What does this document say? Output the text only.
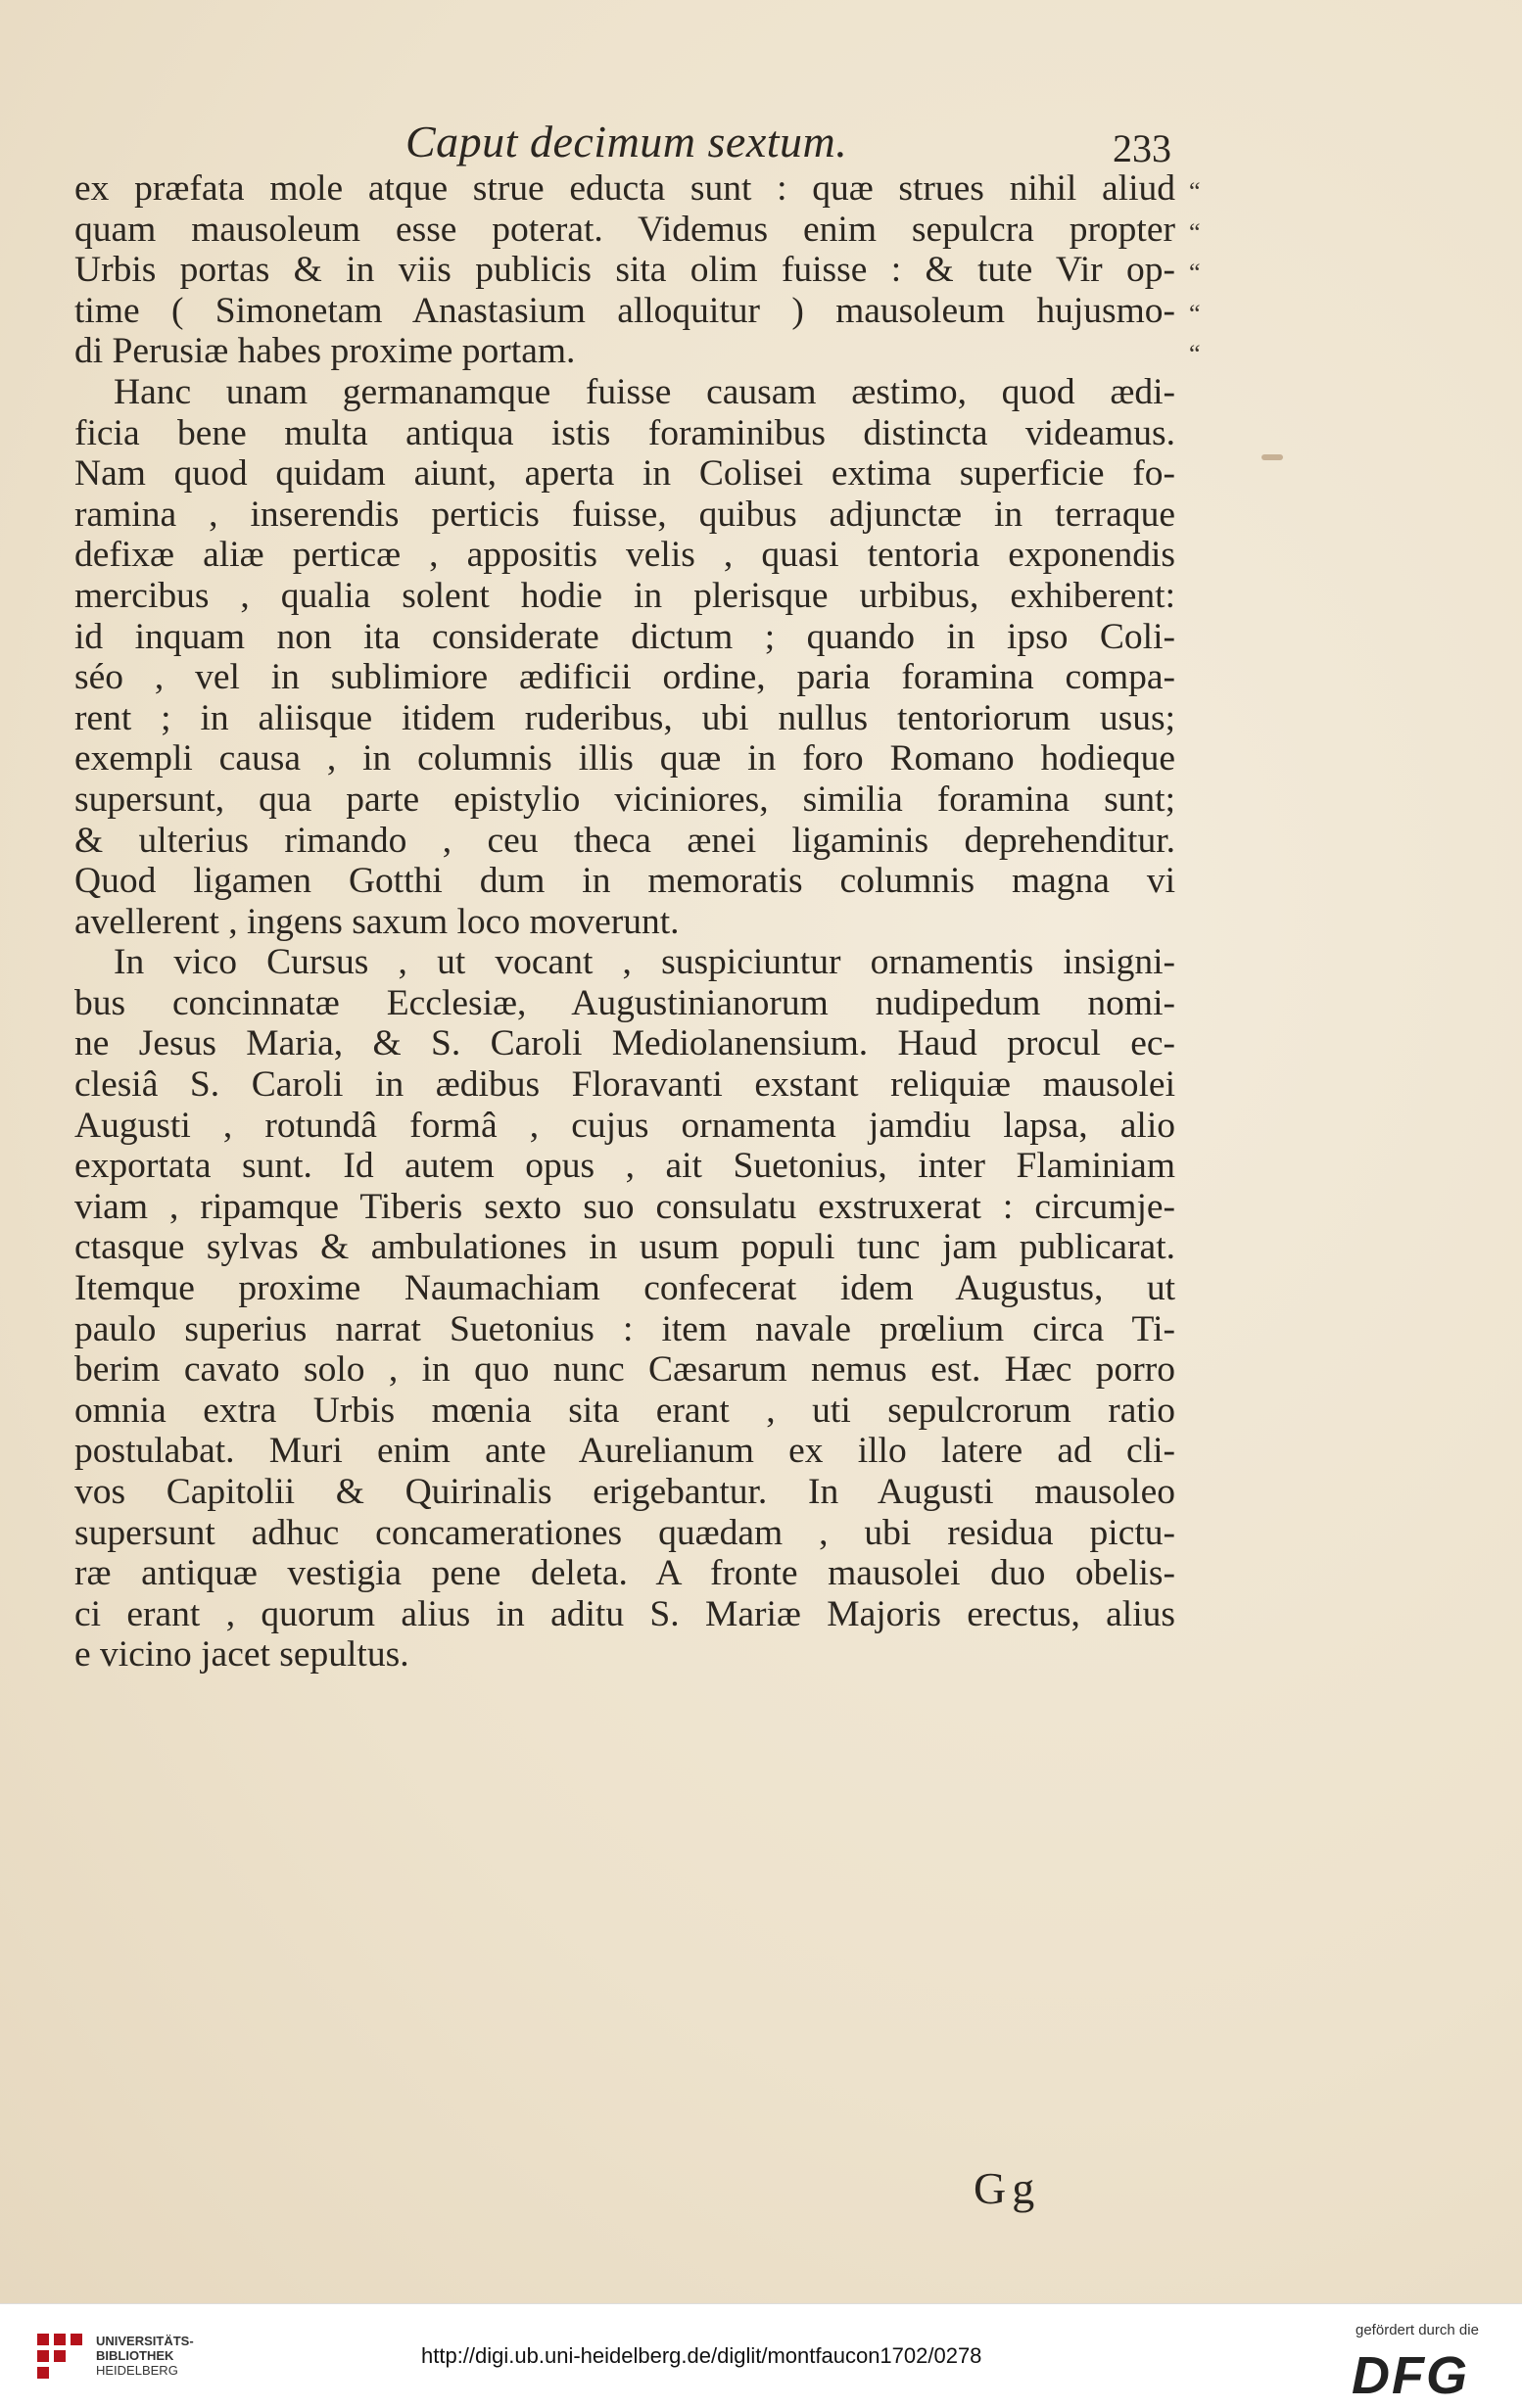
Caput decimum sextum.	233
ex præfata mole atque strue educta sunt : quæ strues nihil aliud
quam mausoleum esse poterat. Videmus enim sepulcra propter
Urbis portas & in viis publicis sita olim fuisse : & tute Vir op-
time ( Simonetam Anastasium alloquitur ) mausoleum hujusmo-
di Perusiæ habes proxime portam.
Hanc unam germanamque fuisse causam æstimo, quod ædi-
ficia bene multa antiqua istis foraminibus distincta videamus.
Nam quod quidam aiunt, aperta in Colisei extima superficie fo-
ramina , inserendis perticis fuisse, quibus adjunctæ in terraque
defixæ aliæ perticæ , appositis velis , quasi tentoria exponendis
mercibus , qualia solent hodie in plerisque urbibus, exhiberent:
id inquam non ita considerate dictum ; quando in ipso Coli-
séo , vel in sublimiore ædificii ordine, paria foramina compa-
rent ; in aliisque itidem ruderibus, ubi nullus tentoriorum usus;
exempli causa , in columnis illis quæ in foro Romano hodieque
supersunt, qua parte epistylio viciniores, similia foramina sunt;
& ulterius rimando , ceu theca ænei ligaminis deprehenditur.
Quod ligamen Gotthi dum in memoratis columnis magna vi
avellerent , ingens saxum loco moverunt.
In vico Cursus , ut vocant , suspiciuntur ornamentis insigni-
bus concinnatæ Ecclesiæ, Augustinianorum nudipedum nomi-
ne Jesus Maria, & S. Caroli Mediolanensium. Haud procul ec-
clesiâ S. Caroli in ædibus Floravanti exstant reliquiæ mausolei
Augusti , rotundâ formâ , cujus ornamenta jamdiu lapsa, alio
exportata sunt. Id autem opus , ait Suetonius, inter Flaminiam
viam , ripamque Tiberis sexto suo consulatu exstruxerat : circumje-
ctasque sylvas & ambulationes in usum populi tunc jam publicarat.
Itemque proxime Naumachiam confecerat idem Augustus, ut
paulo superius narrat Suetonius : item navale prœlium circa Ti-
berim cavato solo , in quo nunc Cæsarum nemus est. Hæc porro
omnia extra Urbis mœnia sita erant , uti sepulcrorum ratio
postulabat. Muri enim ante Aurelianum ex illo latere ad cli-
vos Capitolii & Quirinalis erigebantur. In Augusti mausoleo
supersunt adhuc concamerationes quædam , ubi residua pictu-
ræ antiquæ vestigia pene deleta. A fronte mausolei duo obelis-
ci erant , quorum alius in aditu S. Mariæ Majoris erectus, alius
e vicino jacet sepultus.
“
“
“
“
“
Gg
UNIVERSITÄTS-
BIBLIOTHEK
HEIDELBERG
http://digi.ub.uni-heidelberg.de/diglit/montfaucon1702/0278
gefördert durch die
DFG
